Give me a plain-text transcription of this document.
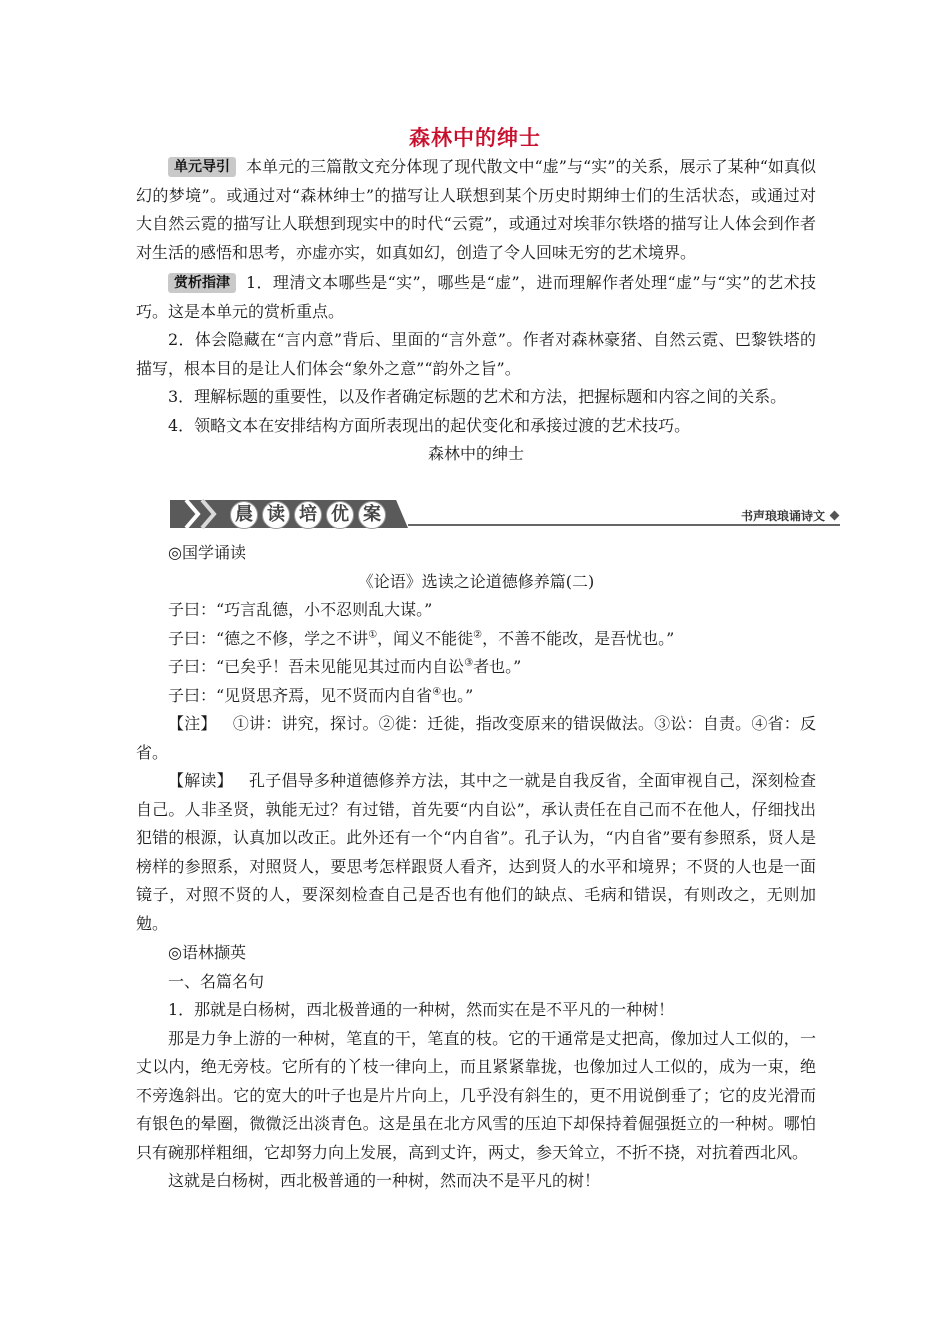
森林中的绅士

单元导引 本单元的三篇散文充分体现了现代散文中“虚”与“实”的关系，展示了某种“如真似幻的梦境”。或通过对“森林绅士”的描写让人联想到某个历史时期绅士们的生活状态，或通过对大自然云霓的描写让人联想到现实中的时代“云霓”，或通过对埃菲尔铁塔的描写让人体会到作者对生活的感悟和思考，亦虚亦实，如真如幻，创造了令人回味无穷的艺术境界。

赏析指津 1．理清文本哪些是“实”，哪些是“虚”，进而理解作者处理“虚”与“实”的艺术技巧。这是本单元的赏析重点。

2．体会隐藏在“言内意”背后、里面的“言外意”。作者对森林豪猪、自然云霓、巴黎铁塔的描写，根本目的是让人们体会“象外之意”“韵外之旨”。

3．理解标题的重要性，以及作者确定标题的艺术和方法，把握标题和内容之间的关系。

4．领略文本在安排结构方面所表现出的起伏变化和承接过渡的艺术技巧。

森林中的绅士

晨 读 培 优 案	书声琅琅诵诗文

◎国学诵读

《论语》选读之论道德修养篇(二)

子曰：“巧言乱德，小不忍则乱大谋。”

子曰：“德之不修，学之不讲①，闻义不能徙②，不善不能改，是吾忧也。”

子曰：“已矣乎！吾未见能见其过而内自讼③者也。”

子曰：“见贤思齐焉，见不贤而内自省④也。”

【注】  ①讲：讲究，探讨。②徙：迁徙，指改变原来的错误做法。③讼：自责。④省：反省。

【解读】  孔子倡导多种道德修养方法，其中之一就是自我反省，全面审视自己，深刻检查自己。人非圣贤，孰能无过？有过错，首先要“内自讼”，承认责任在自己而不在他人，仔细找出犯错的根源，认真加以改正。此外还有一个“内自省”。孔子认为，“内自省”要有参照系，贤人是榜样的参照系，对照贤人，要思考怎样跟贤人看齐，达到贤人的水平和境界；不贤的人也是一面镜子，对照不贤的人，要深刻检查自己是否也有他们的缺点、毛病和错误，有则改之，无则加勉。

◎语林撷英

一、名篇名句

1．那就是白杨树，西北极普通的一种树，然而实在是不平凡的一种树！

那是力争上游的一种树，笔直的干，笔直的枝。它的干通常是丈把高，像加过人工似的，一丈以内，绝无旁枝。它所有的丫枝一律向上，而且紧紧靠拢，也像加过人工似的，成为一束，绝不旁逸斜出。它的宽大的叶子也是片片向上，几乎没有斜生的，更不用说倒垂了；它的皮光滑而有银色的晕圈，微微泛出淡青色。这是虽在北方风雪的压迫下却保持着倔强挺立的一种树。哪怕只有碗那样粗细，它却努力向上发展，高到丈许，两丈，参天耸立，不折不挠，对抗着西北风。

这就是白杨树，西北极普通的一种树，然而决不是平凡的树！
